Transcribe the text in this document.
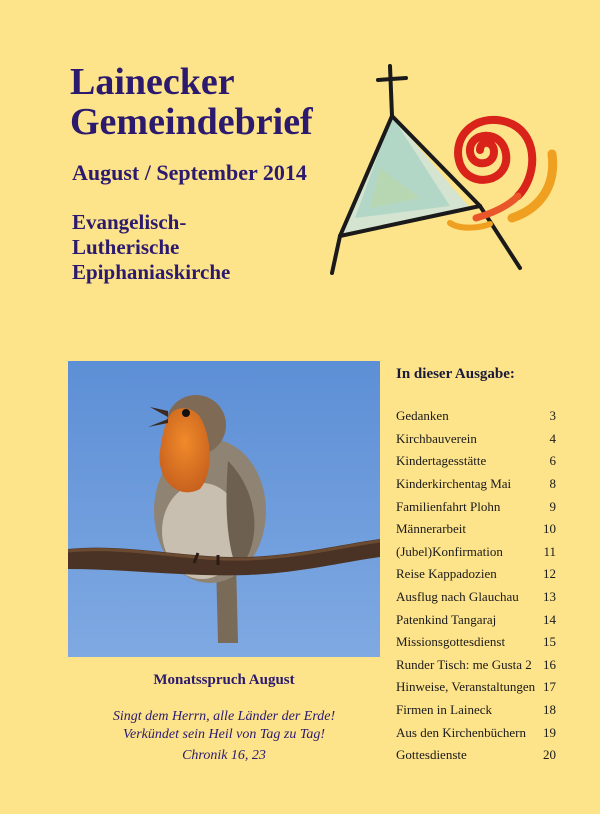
Lainecker
Gemeindebrief
August / September 2014
Evangelisch-
Lutherische
Epiphaniaskirche
Monatsspruch August
Singt dem Herrn, alle Länder der Erde!
Verkündet sein Heil von Tag zu Tag!
Chronik 16, 23
In dieser Ausgabe:
Gedanken	3
Kirchbauverein	4
Kindertagesstätte	6
Kinderkirchentag Mai	8
Familienfahrt Plohn	9
Männerarbeit	10
(Jubel)Konfirmation	11
Reise Kappadozien	12
Ausflug nach Glauchau 13
Patenkind Tangaraj	14
Missionsgottesdienst	15
Runder Tisch: me Gusta 2 16
Hinweise, Veranstaltungen 17
Firmen in Laineck	18
Aus den Kirchenbüchern 19
Gottesdienste	20
